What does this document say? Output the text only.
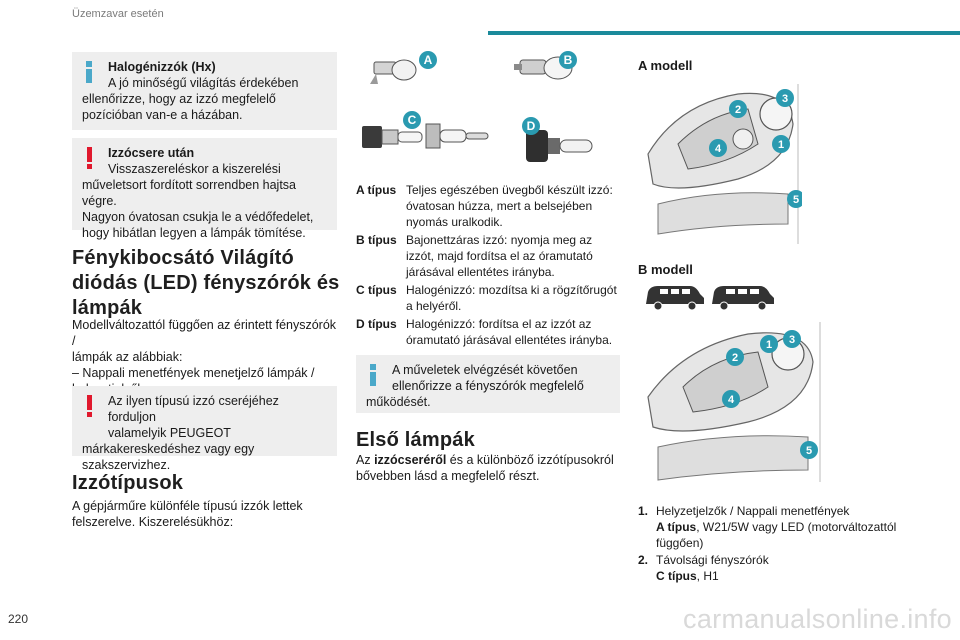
Üzemzavar esetén
Halogénizzók (Hx)
A jó minőségű világítás érdekében
ellenőrizze, hogy az izzó megfelelő
pozícióban van-e a házában.
Izzócsere után
Visszaszereléskor a kiszerelési
műveletsort fordított sorrendben hajtsa végre.
Nagyon óvatosan csukja le a védőfedelet,
hogy hibátlan legyen a lámpák tömítése.
Fénykibocsátó Világító
diódás (LED) fényszórók és
lámpák
Modellváltozattól függően az érintett fényszórók /
lámpák az alábbiak:
– Nappali menetfények menetjelző lámpák /
Az ilyen típusú izzó cseréjéhez forduljon
valamelyik PEUGEOT
márkakereskedéshez vagy egy
szakszervizhez.
Izzótípusok
A gépjárműre különféle típusú izzók lettek
felszerelve. Kiszerelésükhöz:
A	B
C	D
A típus Teljes egészében üvegből készült izzó:
óvatosan húzza, mert a belsejében
nyomás uralkodik.
B típus Bajonettzáras izzó: nyomja meg az
izzót, majd fordítsa el az óramutató
járásával ellentétes irányba.
C típus Halogénizzó: mozdítsa ki a rögzítőrugót
a helyéről.
D típus Halogénizzó: fordítsa el az izzót az
óramutató járásával ellentétes irányba.
A műveletek elvégzését követően
ellenőrizze a fényszórók megfelelő
működését.
Első lámpák
Az izzócseréről és a különböző izzótípusokról
bővebben lásd a megfelelő részt.
A modell
2
3
4	1
5
B modell
3
1
2
4
5
1. Helyzetjelzők / Nappali menetfények
A típus, W21/5W vagy LED (motorváltozattól
függően)
2. Távolsági fényszórók
C típus, H1
220	carmanualsonline.info
